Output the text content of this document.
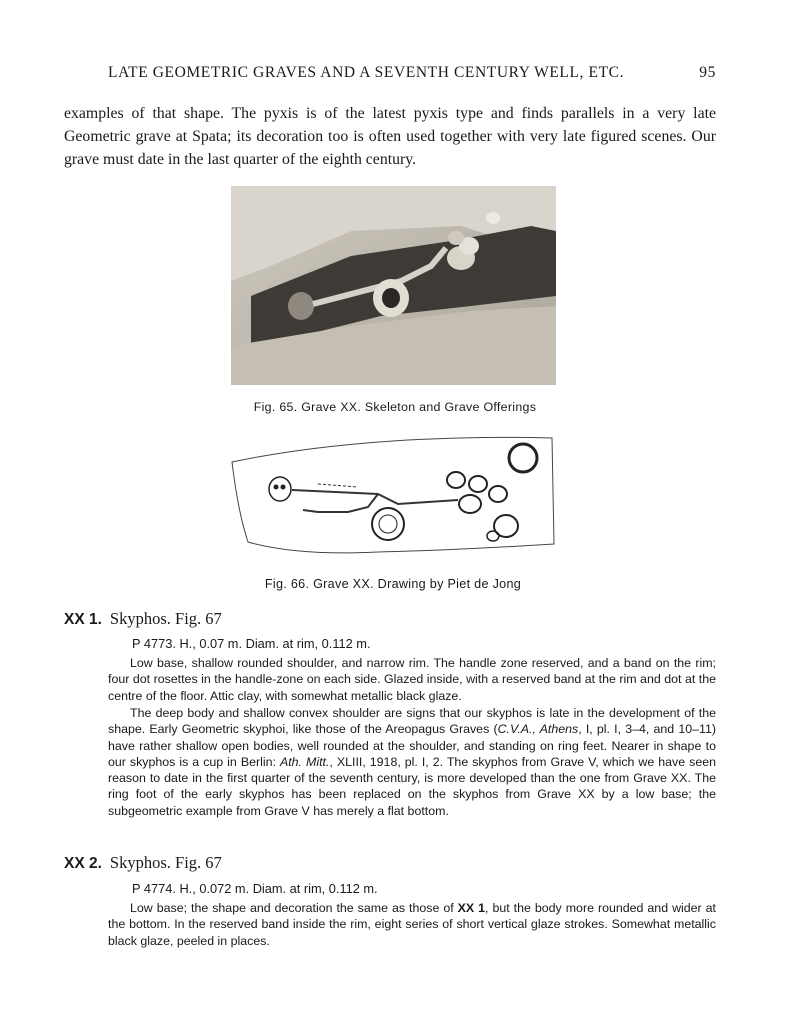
LATE GEOMETRIC GRAVES AND A SEVENTH CENTURY WELL, ETC.	95
examples of that shape. The pyxis is of the latest pyxis type and finds parallels in a very late Geometric grave at Spata; its decoration too is often used together with very late figured scenes. Our grave must date in the last quarter of the eighth century.
Fig. 65. Grave XX. Skeleton and Grave Offerings
Fig. 66. Grave XX. Drawing by Piet de Jong
XX 1. Skyphos. Fig. 67
P 4773. H., 0.07 m. Diam. at rim, 0.112 m.
Low base, shallow rounded shoulder, and narrow rim. The handle zone reserved, and a band on the rim; four dot rosettes in the handle-zone on each side. Glazed inside, with a reserved band at the rim and dot at the centre of the floor. Attic clay, with somewhat metallic black glaze.
The deep body and shallow convex shoulder are signs that our skyphos is late in the development of the shape. Early Geometric skyphoi, like those of the Areopagus Graves (C.V.A., Athens, I, pl. I, 3–4, and 10–11) have rather shallow open bodies, well rounded at the shoulder, and standing on ring feet. Nearer in shape to our skyphos is a cup in Berlin: Ath. Mitt., XLIII, 1918, pl. I, 2. The skyphos from Grave V, which we have seen reason to date in the first quarter of the seventh century, is more developed than the one from Grave XX. The ring foot of the early skyphos has been replaced on the skyphos from Grave XX by a low base; the subgeometric example from Grave V has merely a flat bottom.
XX 2. Skyphos. Fig. 67
P 4774. H., 0.072 m. Diam. at rim, 0.112 m.
Low base; the shape and decoration the same as those of XX 1, but the body more rounded and wider at the bottom. In the reserved band inside the rim, eight series of short vertical glaze strokes. Somewhat metallic black glaze, peeled in places.
